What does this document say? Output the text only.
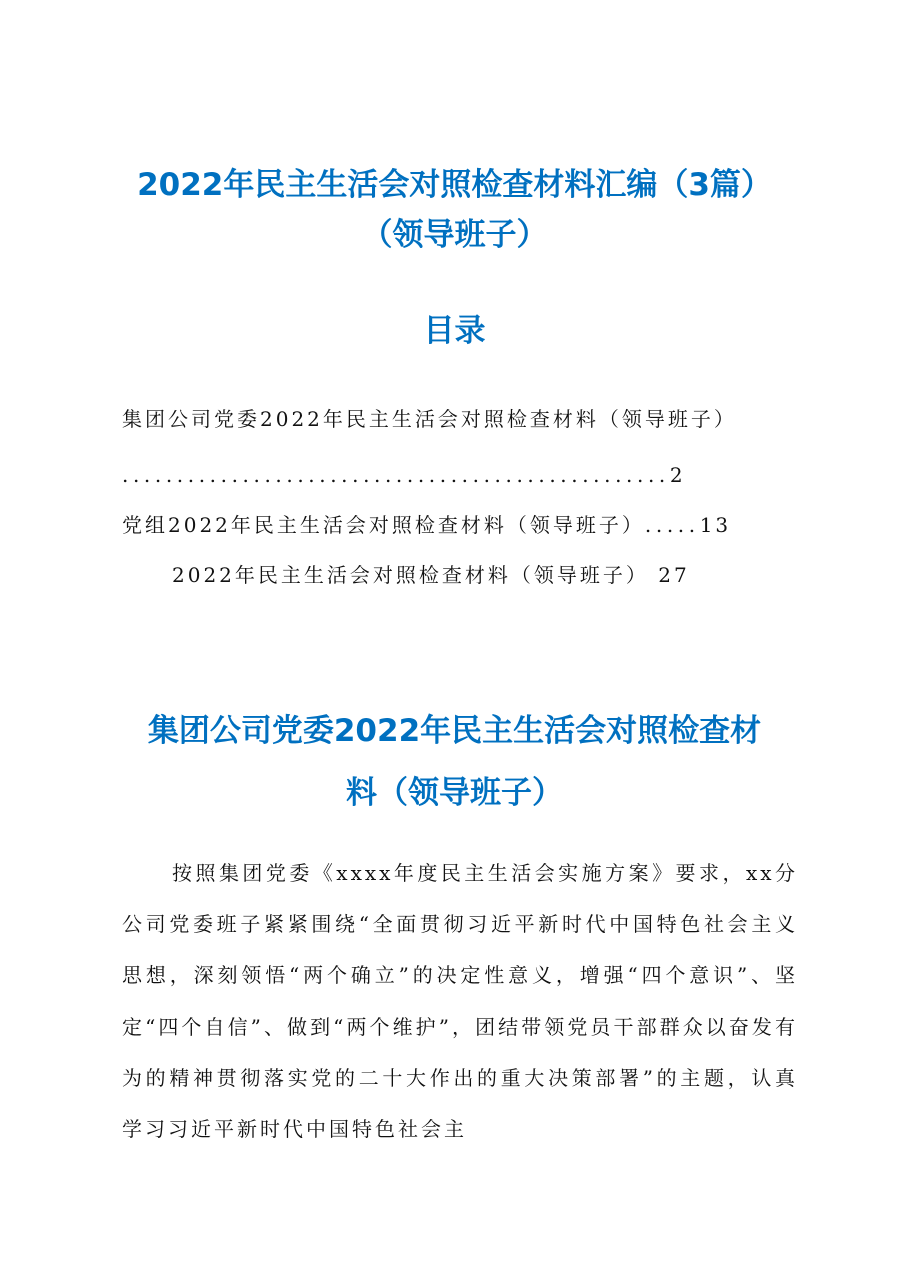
2022年民主生活会对照检查材料汇编（3篇）
（领导班子）
目录
集团公司党委2022年民主生活会对照检查材料（领导班子）
..................................................2
党组2022年民主生活会对照检查材料（领导班子）.....13
2022年民主生活会对照检查材料（领导班子） 27
集团公司党委2022年民主生活会对照检查材
料（领导班子）
按照集团党委《xxxx年度民主生活会实施方案》要求，xx分公司党委班子紧紧围绕“全面贯彻习近平新时代中国特色社会主义思想，深刻领悟“两个确立”的决定性意义，增强“四个意识”、坚定“四个自信”、做到“两个维护”，团结带领党员干部群众以奋发有为的精神贯彻落实党的二十大作出的重大决策部署”的主题，认真学习习近平新时代中国特色社会主
